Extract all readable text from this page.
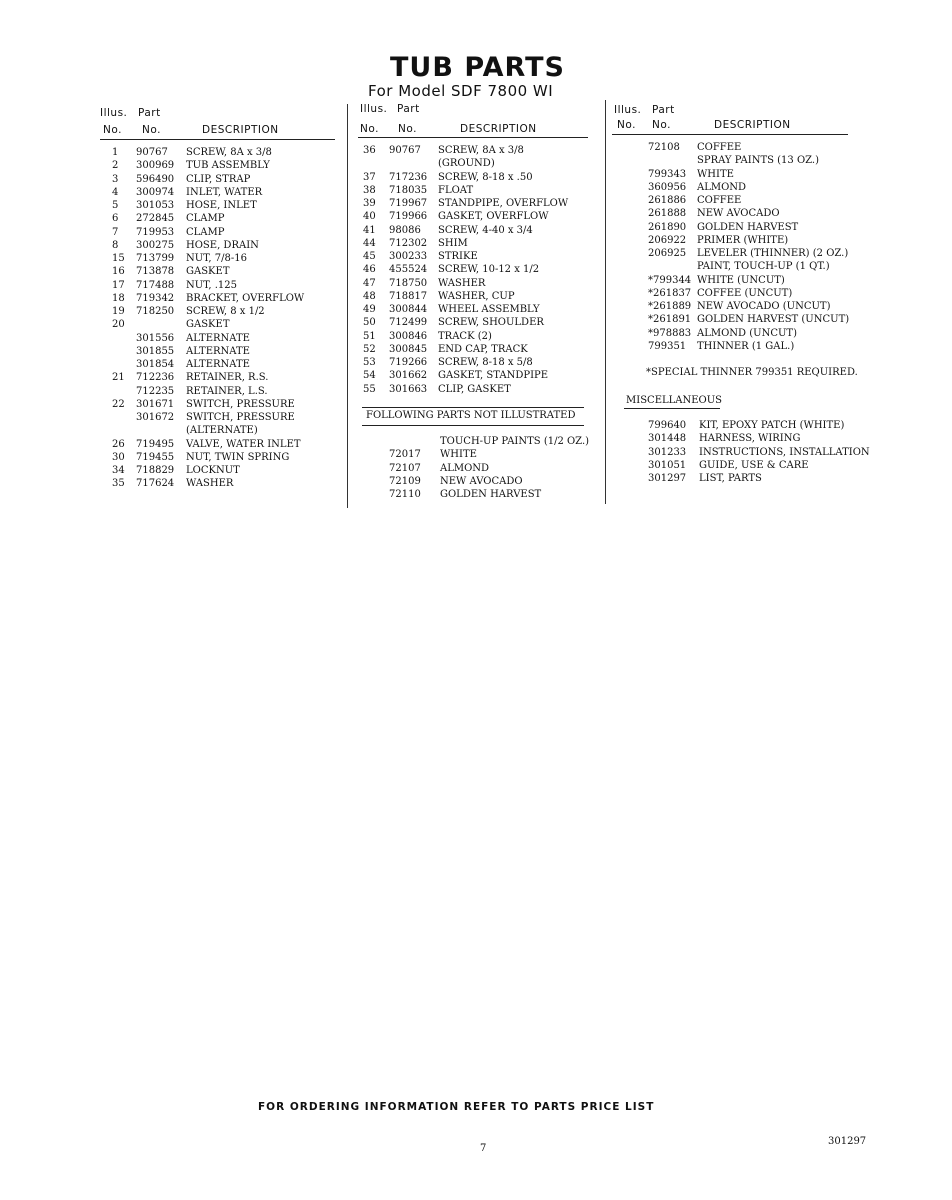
TUB PARTS
For Model SDF 7800 WI
Illus. Part
No. No.	DESCRIPTION
Illus. Part
No. No.	DESCRIPTION
Illus. Part
No. No.	DESCRIPTION
1 90767 SCREW, 8A x 3/8
2 300969 TUB ASSEMBLY
3 596490 CLIP, STRAP
4 300974 INLET, WATER
5 301053 HOSE, INLET
6 272845 CLAMP
7 719953 CLAMP
8 300275 HOSE, DRAIN
15 713799 NUT, 7/8-16
16 713878 GASKET
17 717488 NUT, .125
18 719342 BRACKET, OVERFLOW
19 718250 SCREW, 8 x 1/2
20	GASKET
301556 ALTERNATE
301855 ALTERNATE
301854 ALTERNATE
21 712236 RETAINER, R.S.
712235 RETAINER, L.S.
22 301671 SWITCH, PRESSURE
301672 SWITCH, PRESSURE
(ALTERNATE)
26 719495 VALVE, WATER INLET
30 719455 NUT, TWIN SPRING
34 718829 LOCKNUT
35 717624 WASHER
36 90767 SCREW, 8A x 3/8
(GROUND)
37 717236 SCREW, 8-18 x .50
38 718035 FLOAT
39 719967 STANDPIPE, OVERFLOW
40 719966 GASKET, OVERFLOW
41 98086 SCREW, 4-40 x 3/4
44 712302 SHIM
45 300233 STRIKE
46 455524 SCREW, 10-12 x 1/2
47 718750 WASHER
48 718817 WASHER, CUP
49 300844 WHEEL ASSEMBLY
50 712499 SCREW, SHOULDER
51 300846 TRACK (2)
52 300845 END CAP, TRACK
53 719266 SCREW, 8-18 x 5/8
54 301662 GASKET, STANDPIPE
55 301663 CLIP, GASKET
TOUCH-UP PAINTS (1/2 OZ.)
72017 WHITE
72107 ALMOND
72109 NEW AVOCADO
72110 GOLDEN HARVEST
72108 COFFEE
SPRAY PAINTS (13 OZ.)
799343 WHITE
360956 ALMOND
261886 COFFEE
261888 NEW AVOCADO
261890 GOLDEN HARVEST
206922 PRIMER (WHITE)
206925 LEVELER (THINNER) (2 OZ.)
PAINT, TOUCH-UP (1 QT.)
*799344 WHITE (UNCUT)
*261837 COFFEE (UNCUT)
*261889 NEW AVOCADO (UNCUT)
*261891 GOLDEN HARVEST (UNCUT)
*978883 ALMOND (UNCUT)
799351 THINNER (1 GAL.)
799640 KIT, EPOXY PATCH (WHITE)
301448 HARNESS, WIRING
301233 INSTRUCTIONS, INSTALLATION
301051 GUIDE, USE & CARE
301297 LIST, PARTS
FOLLOWING PARTS NOT ILLUSTRATED
*SPECIAL THINNER 799351 REQUIRED.
MISCELLANEOUS
FOR ORDERING INFORMATION REFER TO PARTS PRICE LIST
7
301297
